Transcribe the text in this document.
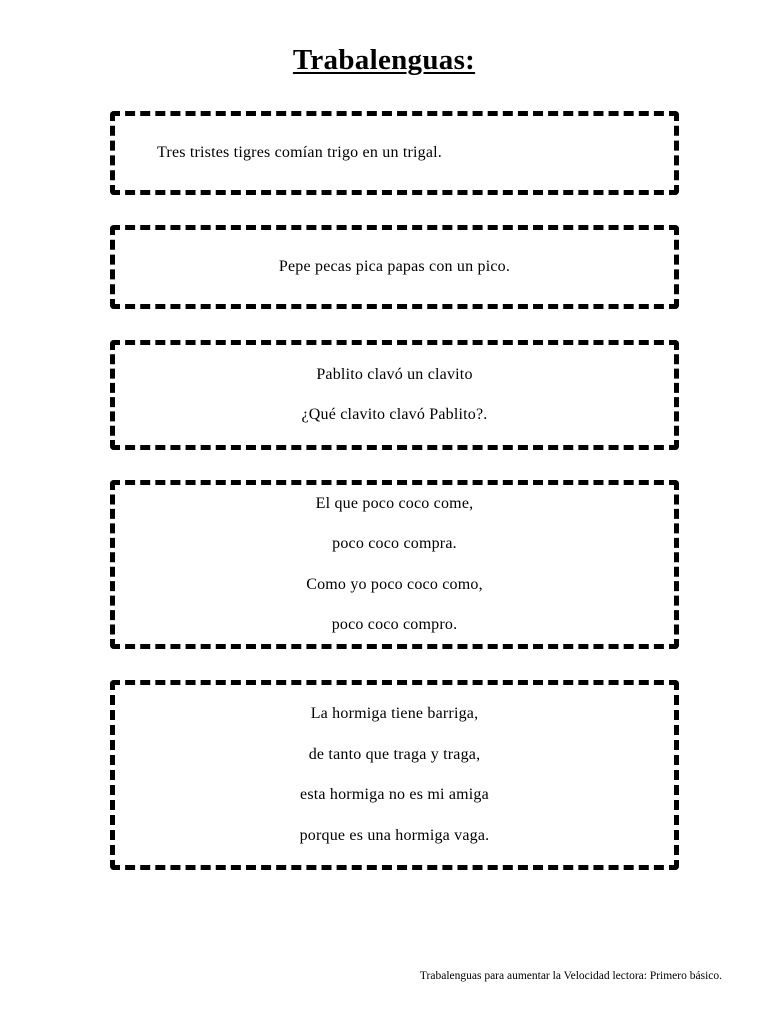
Trabalenguas:
Tres tristes tigres comían trigo en un trigal.
Pepe pecas pica papas con un pico.
Pablito clavó un clavito
¿Qué clavito clavó Pablito?.
El que poco coco come,
poco coco compra.
Como yo poco coco como,
poco coco compro.
La hormiga tiene barriga,
de tanto que traga y traga,
esta hormiga no es mi amiga
porque es una hormiga vaga.
Trabalenguas para aumentar la Velocidad lectora: Primero básico.
